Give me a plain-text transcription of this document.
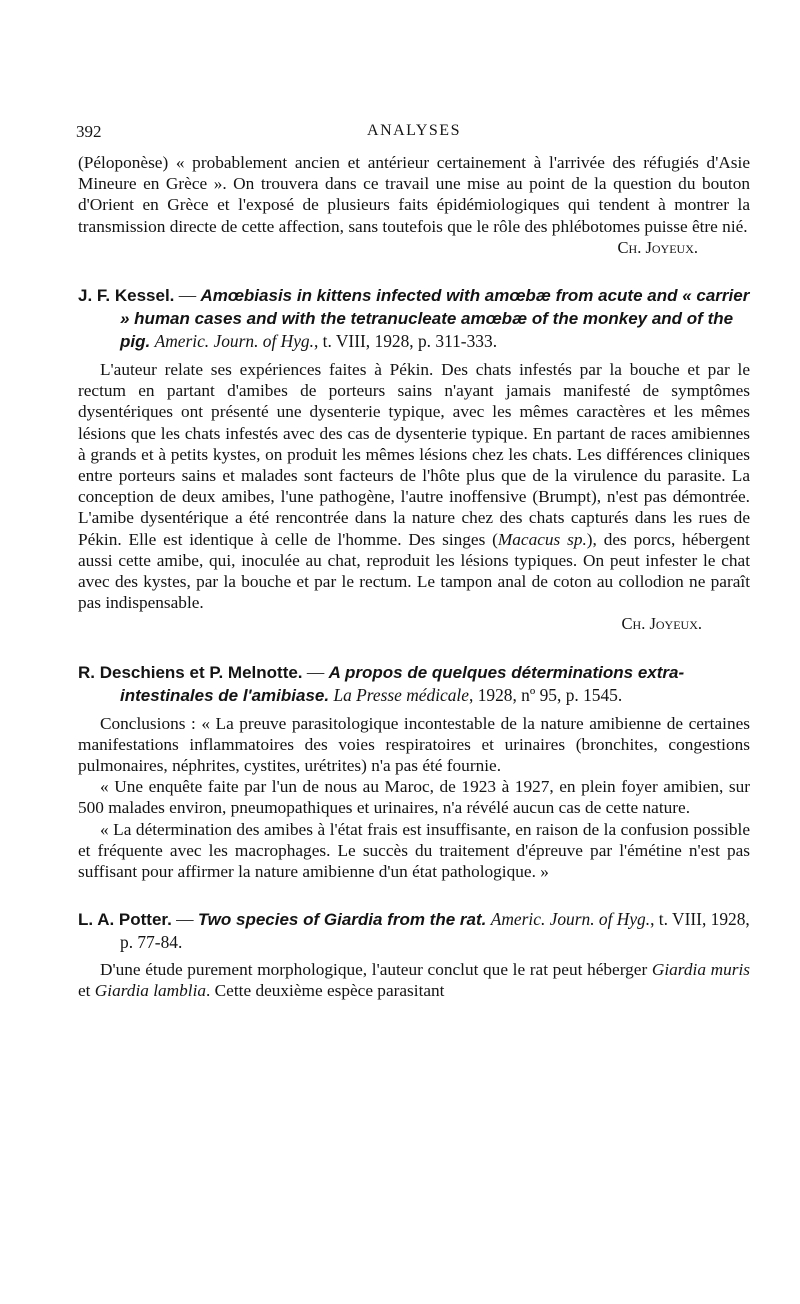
392	ANALYSES

(Péloponèse) « probablement ancien et antérieur certainement à l'arrivée des réfugiés d'Asie Mineure en Grèce ». On trouvera dans ce travail une mise au point de la question du bouton d'Orient en Grèce et l'exposé de plusieurs faits épidémiologiques qui tendent à montrer la transmission directe de cette affection, sans toutefois que le rôle des phlébotomes puisse être nié.

Ch. Joyeux.

J. F. Kessel. — Amœbiasis in kittens infected with amœbæ from acute and « carrier » human cases and with the tetranucleate amœbæ of the monkey and of the pig. Americ. Journ. of Hyg., t. VIII, 1928, p. 311-333.

L'auteur relate ses expériences faites à Pékin. Des chats infestés par la bouche et par le rectum en partant d'amibes de porteurs sains n'ayant jamais manifesté de symptômes dysentériques ont présenté une dysenterie typique, avec les mêmes caractères et les mêmes lésions que les chats infestés avec des cas de dysenterie typique. En partant de races amibiennes à grands et à petits kystes, on produit les mêmes lésions chez les chats. Les différences cliniques entre porteurs sains et malades sont facteurs de l'hôte plus que de la virulence du parasite. La conception de deux amibes, l'une pathogène, l'autre inoffensive (Brumpt), n'est pas démontrée. L'amibe dysentérique a été rencontrée dans la nature chez des chats capturés dans les rues de Pékin. Elle est identique à celle de l'homme. Des singes (Macacus sp.), des porcs, hébergent aussi cette amibe, qui, inoculée au chat, reproduit les lésions typiques. On peut infester le chat avec des kystes, par la bouche et par le rectum. Le tampon anal de coton au collodion ne paraît pas indispensable.

Ch. Joyeux.

R. Deschiens et P. Melnotte. — A propos de quelques déterminations extra-intestinales de l'amibiase. La Presse médicale, 1928, nº 95, p. 1545.

Conclusions : « La preuve parasitologique incontestable de la nature amibienne de certaines manifestations inflammatoires des voies respiratoires et urinaires (bronchites, congestions pulmonaires, néphrites, cystites, urétrites) n'a pas été fournie.

« Une enquête faite par l'un de nous au Maroc, de 1923 à 1927, en plein foyer amibien, sur 500 malades environ, pneumopathiques et urinaires, n'a révélé aucun cas de cette nature.

« La détermination des amibes à l'état frais est insuffisante, en raison de la confusion possible et fréquente avec les macrophages. Le succès du traitement d'épreuve par l'émétine n'est pas suffisant pour affirmer la nature amibienne d'un état pathologique. »

L. A. Potter. — Two species of Giardia from the rat. Americ. Journ. of Hyg., t. VIII, 1928, p. 77-84.

D'une étude purement morphologique, l'auteur conclut que le rat peut héberger Giardia muris et Giardia lamblia. Cette deuxième espèce parasitant
